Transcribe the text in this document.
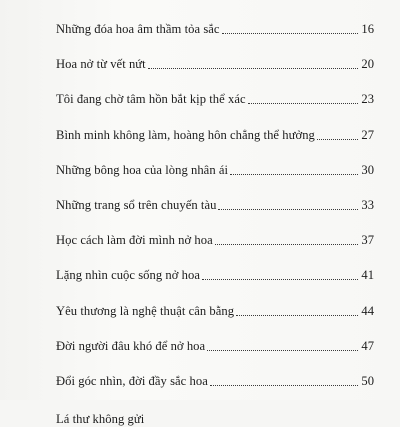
Những đóa hoa âm thầm tỏa sắc	16
Hoa nở từ vết nứt	20
Tôi đang chờ tâm hồn bắt kịp thể xác	23
Bình minh không làm, hoàng hôn chẳng thể hưởng	27
Những bông hoa của lòng nhân ái	30
Những trang sổ trên chuyến tàu	33
Học cách làm đời mình nở hoa	37
Lặng nhìn cuộc sống nở hoa	41
Yêu thương là nghệ thuật cân bằng	44
Đời người đâu khó để nở hoa	47
Đổi góc nhìn, đời đầy sắc hoa	50
Lá thư không gửi
